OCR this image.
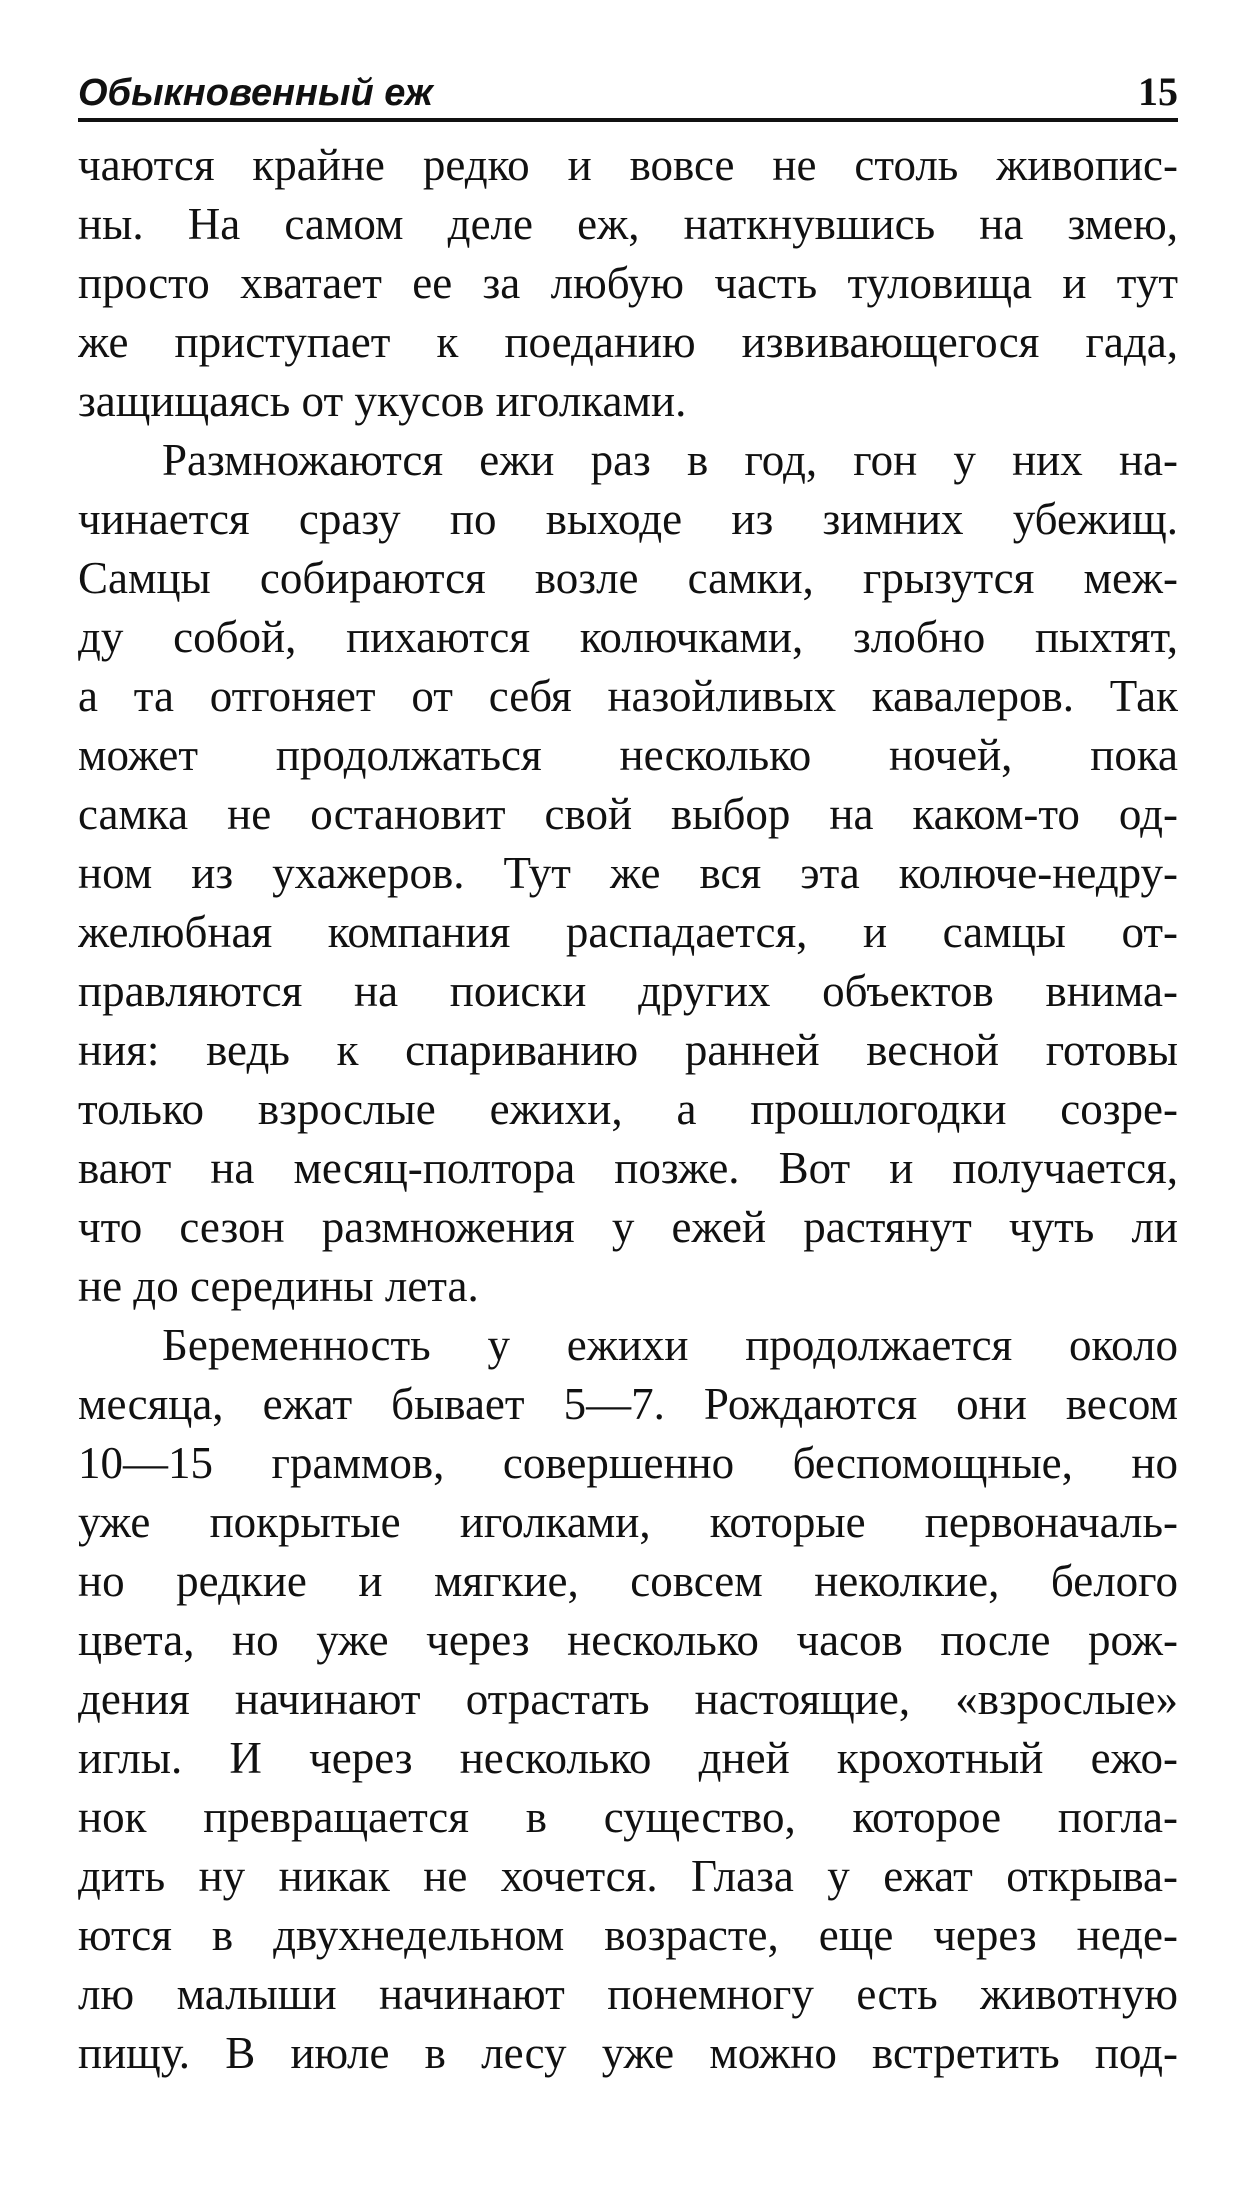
Обыкновенный еж	15
чаются крайне редко и вовсе не столь живопис-
ны. На самом деле еж, наткнувшись на змею,
просто хватает ее за любую часть туловища и тут
же приступает к поеданию извивающегося гада,
защищаясь от укусов иголками.
Размножаются ежи раз в год, гон у них на-
чинается сразу по выходе из зимних убежищ.
Самцы собираются возле самки, грызутся меж-
ду собой, пихаются колючками, злобно пыхтят,
а та отгоняет от себя назойливых кавалеров. Так
может продолжаться несколько ночей, пока
самка не остановит свой выбор на каком-то од-
ном из ухажеров. Тут же вся эта колюче-недру-
желюбная компания распадается, и самцы от-
правляются на поиски других объектов внима-
ния: ведь к спариванию ранней весной готовы
только взрослые ежихи, а прошлогодки созре-
вают на месяц-полтора позже. Вот и получается,
что сезон размножения у ежей растянут чуть ли
не до середины лета.
Беременность у ежихи продолжается около
месяца, ежат бывает 5—7. Рождаются они весом
10—15 граммов, совершенно беспомощные, но
уже покрытые иголками, которые первоначаль-
но редкие и мягкие, совсем неколкие, белого
цвета, но уже через несколько часов после рож-
дения начинают отрастать настоящие, «взрослые»
иглы. И через несколько дней крохотный ежо-
нок превращается в существо, которое погла-
дить ну никак не хочется. Глаза у ежат открыва-
ются в двухнедельном возрасте, еще через неде-
лю малыши начинают понемногу есть животную
пищу. В июле в лесу уже можно встретить под-
